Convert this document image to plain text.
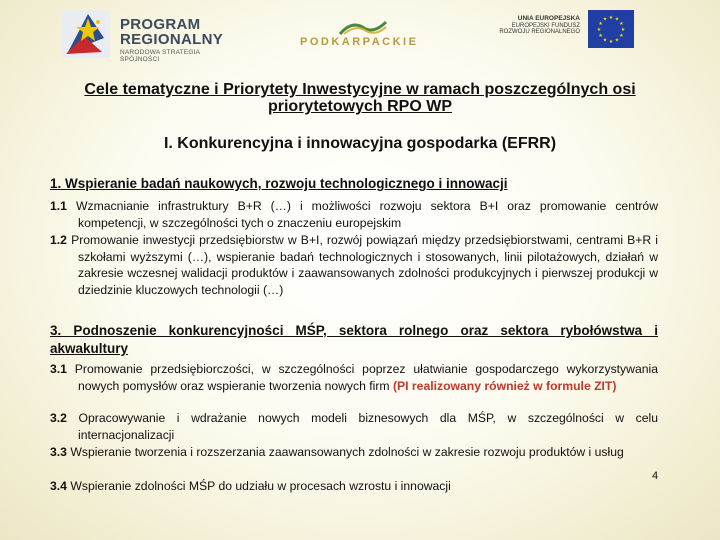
PROGRAM
REGIONALNY
NARODOWA STRATEGIA SPÓJNOŚCI
PODKARPACKIE
UNIA EUROPEJSKA
EUROPEJSKI FUNDUSZ
ROZWOJU REGIONALNEGO
★ ★
★
★
★
★
★
★
★
★
★
★
Cele tematyczne i Priorytety Inwestycyjne w ramach poszczególnych osi priorytetowych RPO WP
I. Konkurencyjna i innowacyjna gospodarka (EFRR)
1. Wspieranie badań naukowych, rozwoju technologicznego i innowacji
1.1 Wzmacnianie infrastruktury B+R (…) i możliwości rozwoju sektora B+I oraz promowanie centrów kompetencji, w szczególności tych o znaczeniu europejskim
1.2 Promowanie inwestycji przedsiębiorstw w B+I, rozwój powiązań między przedsiębiorstwami, centrami B+R i szkołami wyższymi (…), wspieranie badań technologicznych i stosowanych, linii pilotażowych, działań w zakresie wczesnej walidacji produktów i zaawansowanych zdolności produkcyjnych i pierwszej produkcji w dziedzinie kluczowych technologii (…)
3. Podnoszenie konkurencyjności MŚP, sektora rolnego oraz sektora rybołówstwa i akwakultury
3.1 Promowanie przedsiębiorczości, w szczególności poprzez ułatwianie gospodarczego wykorzystywania nowych pomysłów oraz wspieranie tworzenia nowych firm (PI realizowany również w formule ZIT)
3.2 Opracowywanie i wdrażanie nowych modeli biznesowych dla MŚP, w szczególności w celu internacjonalizacji
3.3 Wspieranie tworzenia i rozszerzania zaawansowanych zdolności w zakresie rozwoju produktów i usług
3.4 Wspieranie zdolności MŚP do udziału w procesach wzrostu i innowacji
4
